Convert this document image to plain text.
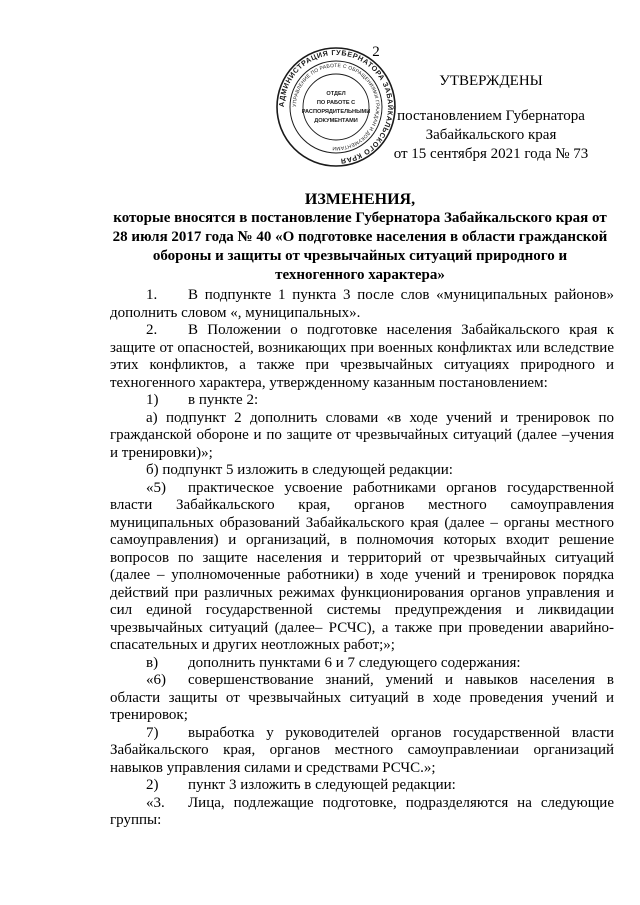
2
АДМИНИСТРАЦИЯ ГУБЕРНАТОРА ЗАБАЙКАЛЬСКОГО КРАЯ
УПРАВЛЕНИЕ ПО РАБОТЕ С ОБРАЩЕНИЯМИ ГРАЖДАН И ДОКУМЕНТАМИ
ОТДЕЛ
ПО РАБОТЕ С
РАСПОРЯДИТЕЛЬНЫМИ
ДОКУМЕНТАМИ
УТВЕРЖДЕНЫ
постановлением Губернатора
Забайкальского края
от 15 сентября 2021 года № 73
ИЗМЕНЕНИЯ,
которые вносятся в постановление Губернатора Забайкальского края от
28 июля 2017 года № 40 «О подготовке населения в области гражданской
обороны и защиты от чрезвычайных ситуаций природного и
техногенного характера»

1. В подпункте 1 пункта 3 после слов «муниципальных районов» дополнить словом «, муниципальных».

2. В Положении о подготовке населения Забайкальского края к защите от опасностей, возникающих при военных конфликтах или вследствие этих конфликтов, а также при чрезвычайных ситуациях природного и техногенного характера, утвержденному казанным постановлением:

1) в пункте 2:

а) подпункт 2 дополнить словами «в ходе учений и тренировок по гражданской обороне и по защите от чрезвычайных ситуаций (далее –учения и тренировки)»;

б) подпункт 5 изложить в следующей редакции:

«5) практическое усвоение работниками органов государственной власти Забайкальского края, органов местного самоуправления муниципальных образований Забайкальского края (далее – органы местного самоуправления) и организаций, в полномочия которых входит решение вопросов по защите населения и территорий от чрезвычайных ситуаций (далее – уполномоченные работники) в ходе учений и тренировок порядка действий при различных режимах функционирования органов управления и сил единой государственной системы предупреждения и ликвидации чрезвычайных ситуаций (далее– РСЧС), а также при проведении аварийно-спасательных и других неотложных работ;»;

в) дополнить пунктами 6 и 7 следующего содержания:

«6) совершенствование знаний, умений и навыков населения в области защиты от чрезвычайных ситуаций в ходе проведения учений и тренировок;

7) выработка у руководителей органов государственной власти Забайкальского края, органов местного самоуправлениаи организаций навыков управления силами и средствами РСЧС.»;

2) пункт 3 изложить в следующей редакции:

«3. Лица, подлежащие подготовке, подразделяются на следующие группы:
